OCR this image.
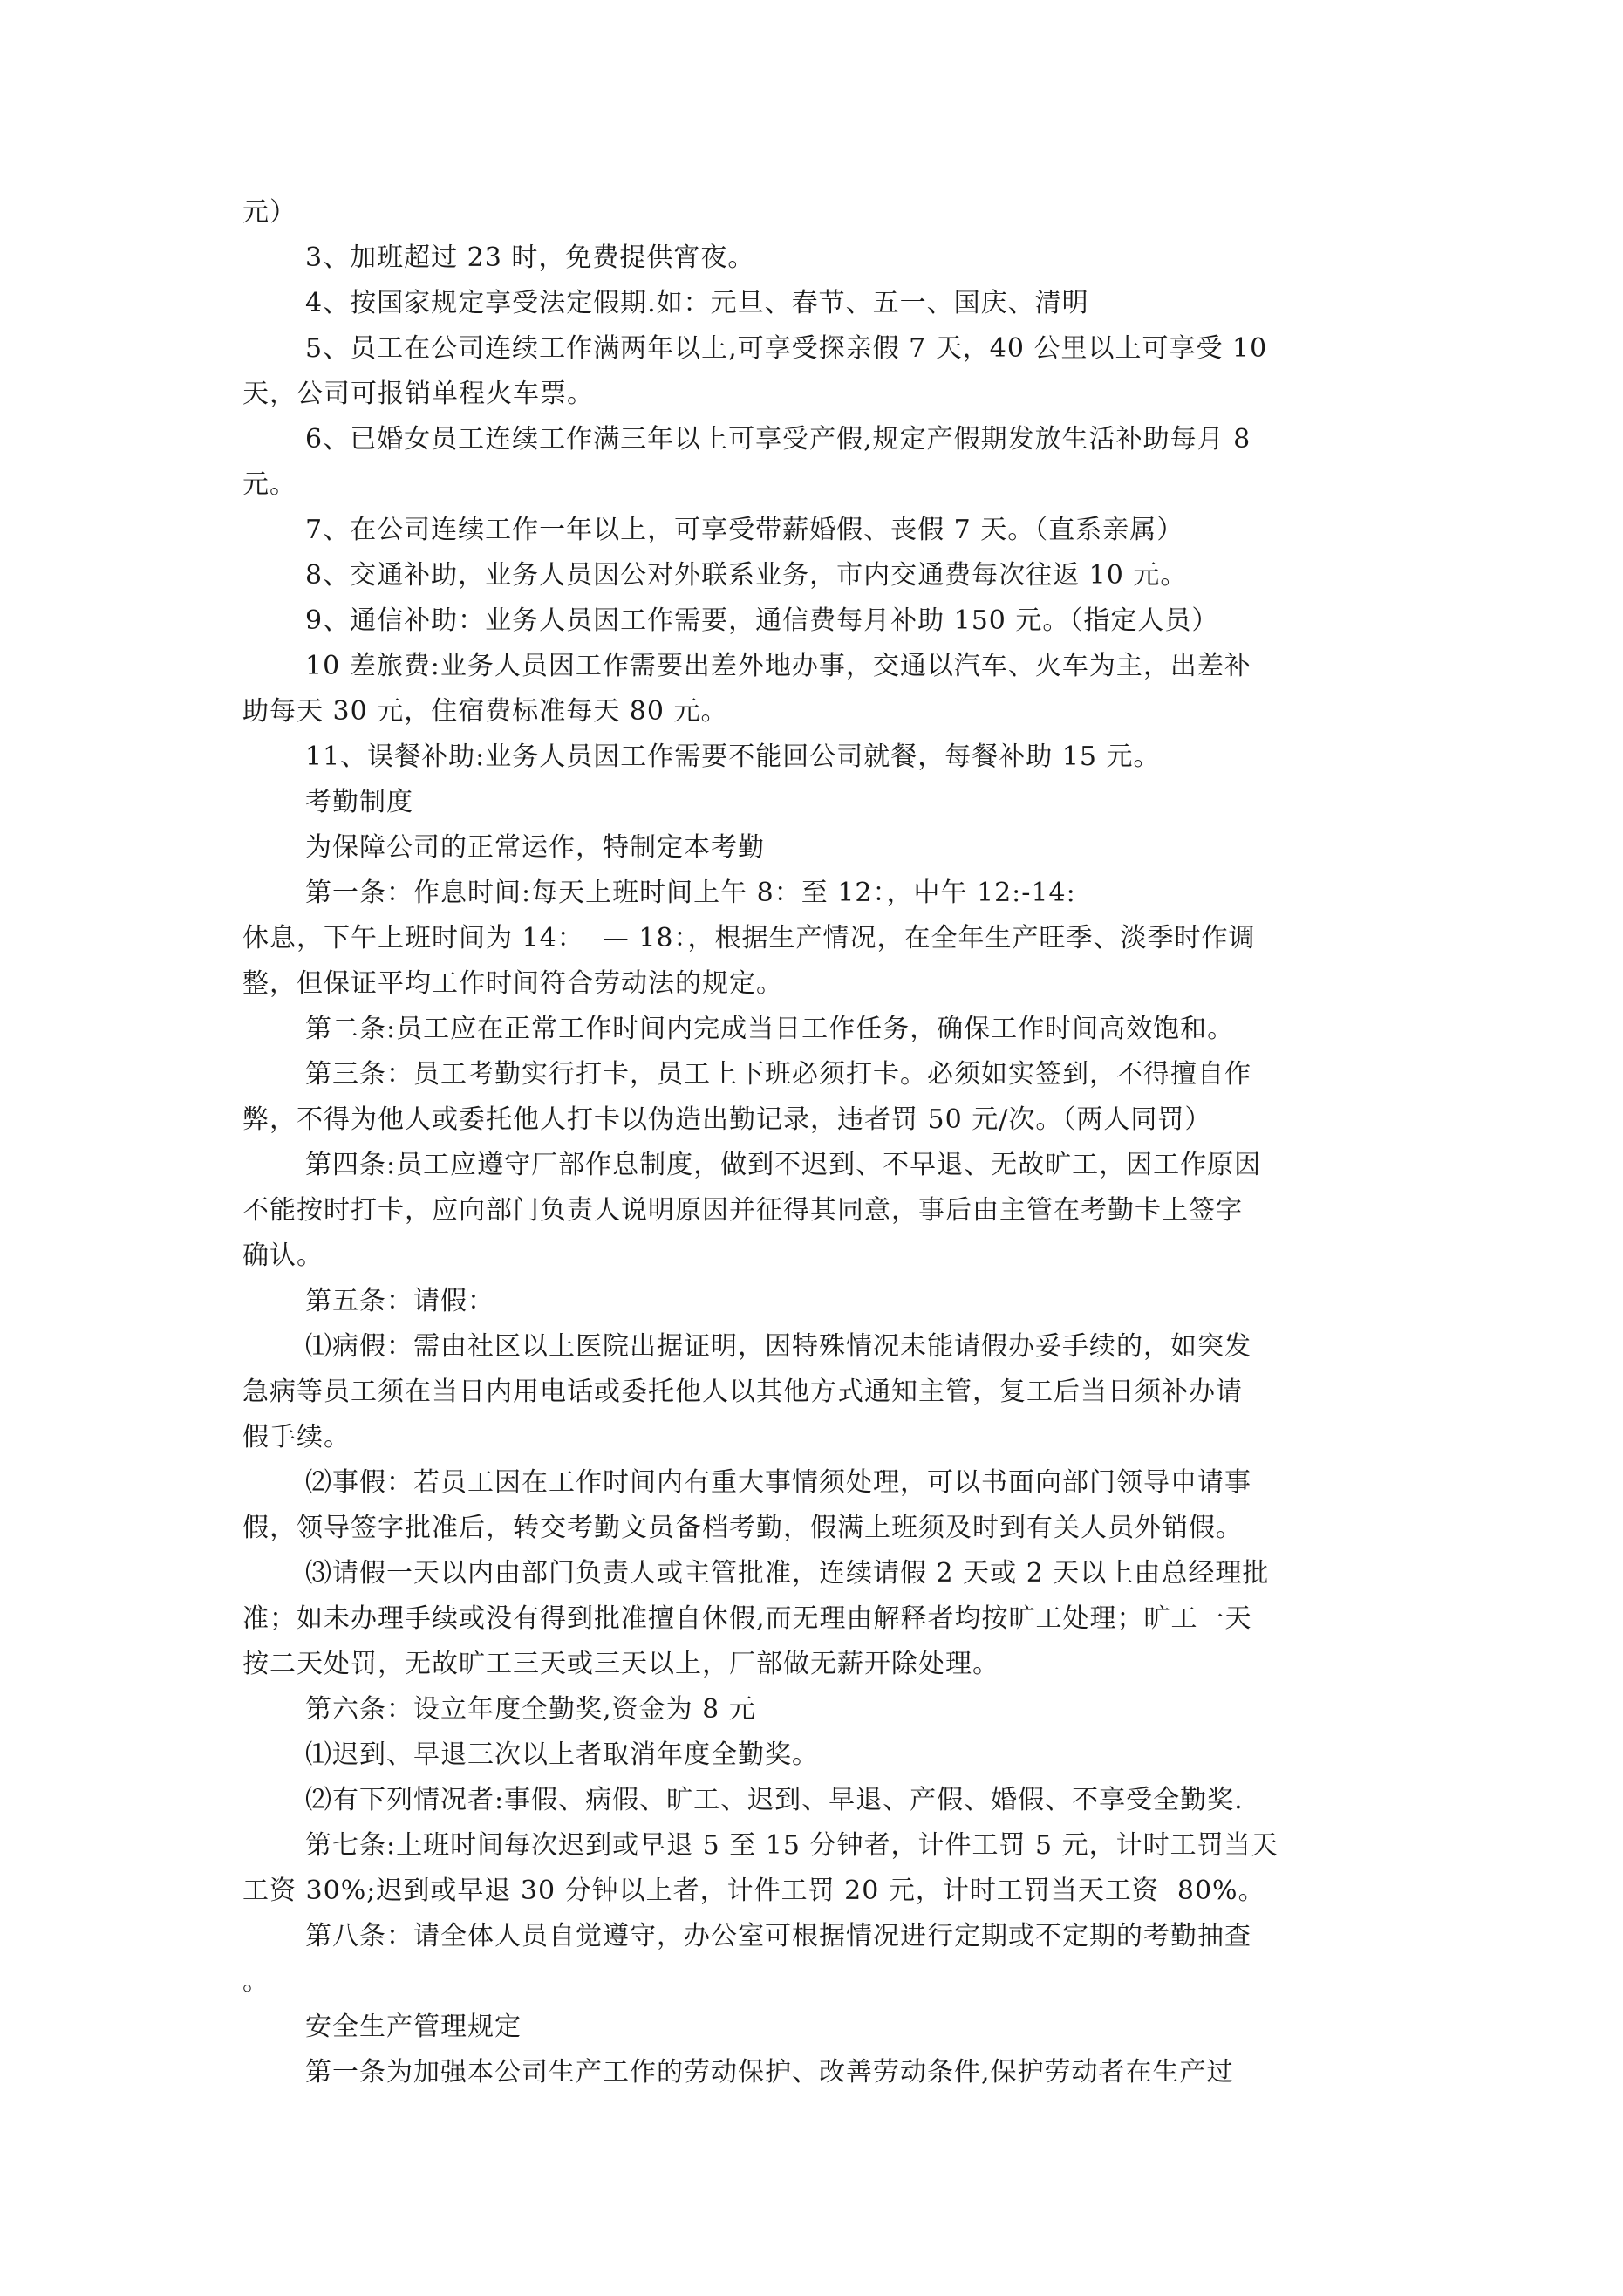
元）
3、加班超过 23 时，免费提供宵夜。
4、按国家规定享受法定假期.如：元旦、春节、五一、国庆、清明
5、员工在公司连续工作满两年以上,可享受探亲假 7 天，40 公里以上可享受 10
天，公司可报销单程火车票。
6、已婚女员工连续工作满三年以上可享受产假,规定产假期发放生活补助每月 8
元。
7、在公司连续工作一年以上，可享受带薪婚假、丧假 7 天。（直系亲属）
8、交通补助，业务人员因公对外联系业务，市内交通费每次往返 10 元。
9、通信补助：业务人员因工作需要，通信费每月补助 150 元。（指定人员）
10 差旅费:业务人员因工作需要出差外地办事，交通以汽车、火车为主，出差补
助每天 30 元，住宿费标准每天 80 元。
11、误餐补助:业务人员因工作需要不能回公司就餐，每餐补助 15 元。
考勤制度
为保障公司的正常运作，特制定本考勤
第一条：作息时间:每天上班时间上午 8：至 12：，中午 12:-14:
休息，下午上班时间为 14：  — 18：，根据生产情况，在全年生产旺季、淡季时作调
整，但保证平均工作时间符合劳动法的规定。
第二条:员工应在正常工作时间内完成当日工作任务，确保工作时间高效饱和。
第三条：员工考勤实行打卡，员工上下班必须打卡。必须如实签到，不得擅自作
弊，不得为他人或委托他人打卡以伪造出勤记录，违者罚 50 元/次。（两人同罚）
第四条:员工应遵守厂部作息制度，做到不迟到、不早退、无故旷工，因工作原因
不能按时打卡，应向部门负责人说明原因并征得其同意，事后由主管在考勤卡上签字
确认。
第五条：请假：
⑴病假：需由社区以上医院出据证明，因特殊情况未能请假办妥手续的，如突发
急病等员工须在当日内用电话或委托他人以其他方式通知主管，复工后当日须补办请
假手续。
⑵事假：若员工因在工作时间内有重大事情须处理，可以书面向部门领导申请事
假，领导签字批准后，转交考勤文员备档考勤，假满上班须及时到有关人员外销假。
⑶请假一天以内由部门负责人或主管批准，连续请假 2 天或 2 天以上由总经理批
准；如未办理手续或没有得到批准擅自休假,而无理由解释者均按旷工处理；旷工一天
按二天处罚，无故旷工三天或三天以上，厂部做无薪开除处理。
第六条：设立年度全勤奖,资金为 8 元
⑴迟到、早退三次以上者取消年度全勤奖。
⑵有下列情况者:事假、病假、旷工、迟到、早退、产假、婚假、不享受全勤奖.
第七条:上班时间每次迟到或早退 5 至 15 分钟者，计件工罚 5 元，计时工罚当天
工资 30%;迟到或早退 30 分钟以上者，计件工罚 20 元，计时工罚当天工资  80%。
第八条：请全体人员自觉遵守，办公室可根据情况进行定期或不定期的考勤抽查
。
安全生产管理规定
第一条为加强本公司生产工作的劳动保护、改善劳动条件,保护劳动者在生产过
